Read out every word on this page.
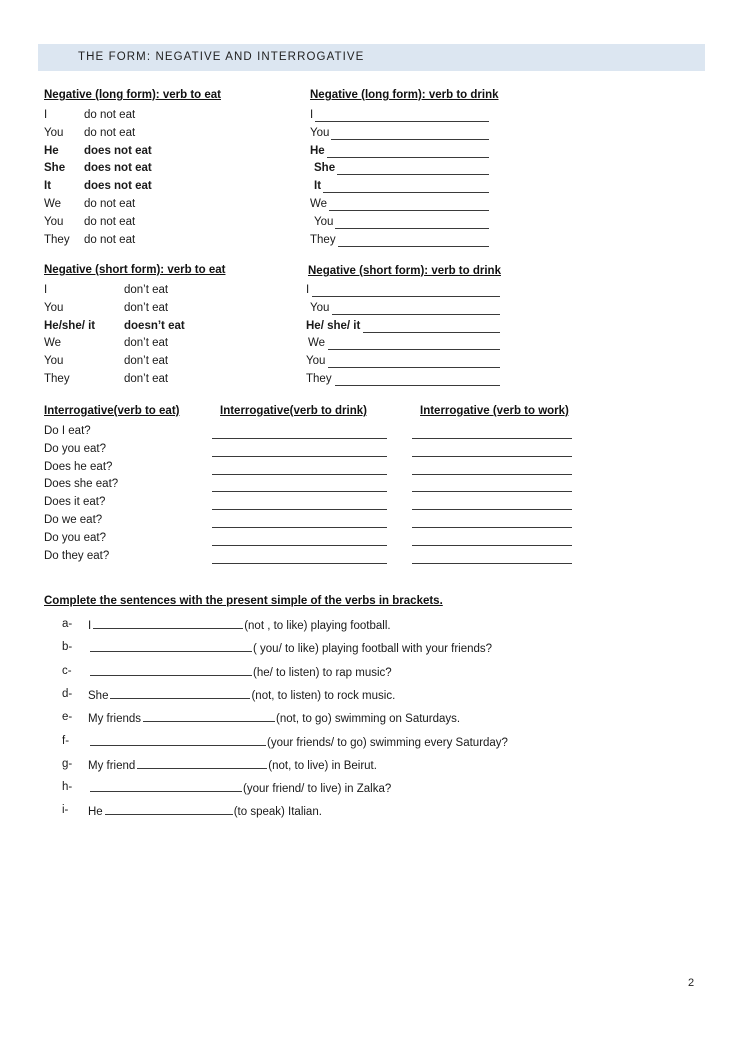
THE FORM: NEGATIVE AND INTERROGATIVE
Negative (long form): verb to eat
I	do not eat
You do not eat
He does not eat
She does not eat
It	does not eat
We do not eat
You do not eat
They do not eat
Negative (long form): verb to drink
I
You
He
She
It
We
You
They
Negative (short form): verb to eat
I	don’t eat
You	don’t eat
He/she/ it	doesn’t eat
We	don’t eat
You	don’t eat
They	don’t eat
Negative (short form): verb to drink
I
You
He/ she/ it
We
You
They
Interrogative(verb to eat)	Interrogative(verb to drink)	Interrogative (verb to work)
Do I eat?
Do you eat?
Does he eat?
Does she eat?
Does it eat?
Do we eat?
Do you eat?
Do they eat?
Complete the sentences with the present simple of the verbs in brackets.
a-	I	(not , to like) playing football.
b-	( you/ to like) playing football with your friends?
c-	(he/ to listen) to rap music?
d-	She	(not, to listen) to rock music.
e-	My friends	(not, to go) swimming on Saturdays.
f-	(your friends/ to go) swimming every Saturday?
g-	My friend	(not, to live) in Beirut.
h-	(your friend/ to live) in Zalka?
i-	He	(to speak) Italian.
2
